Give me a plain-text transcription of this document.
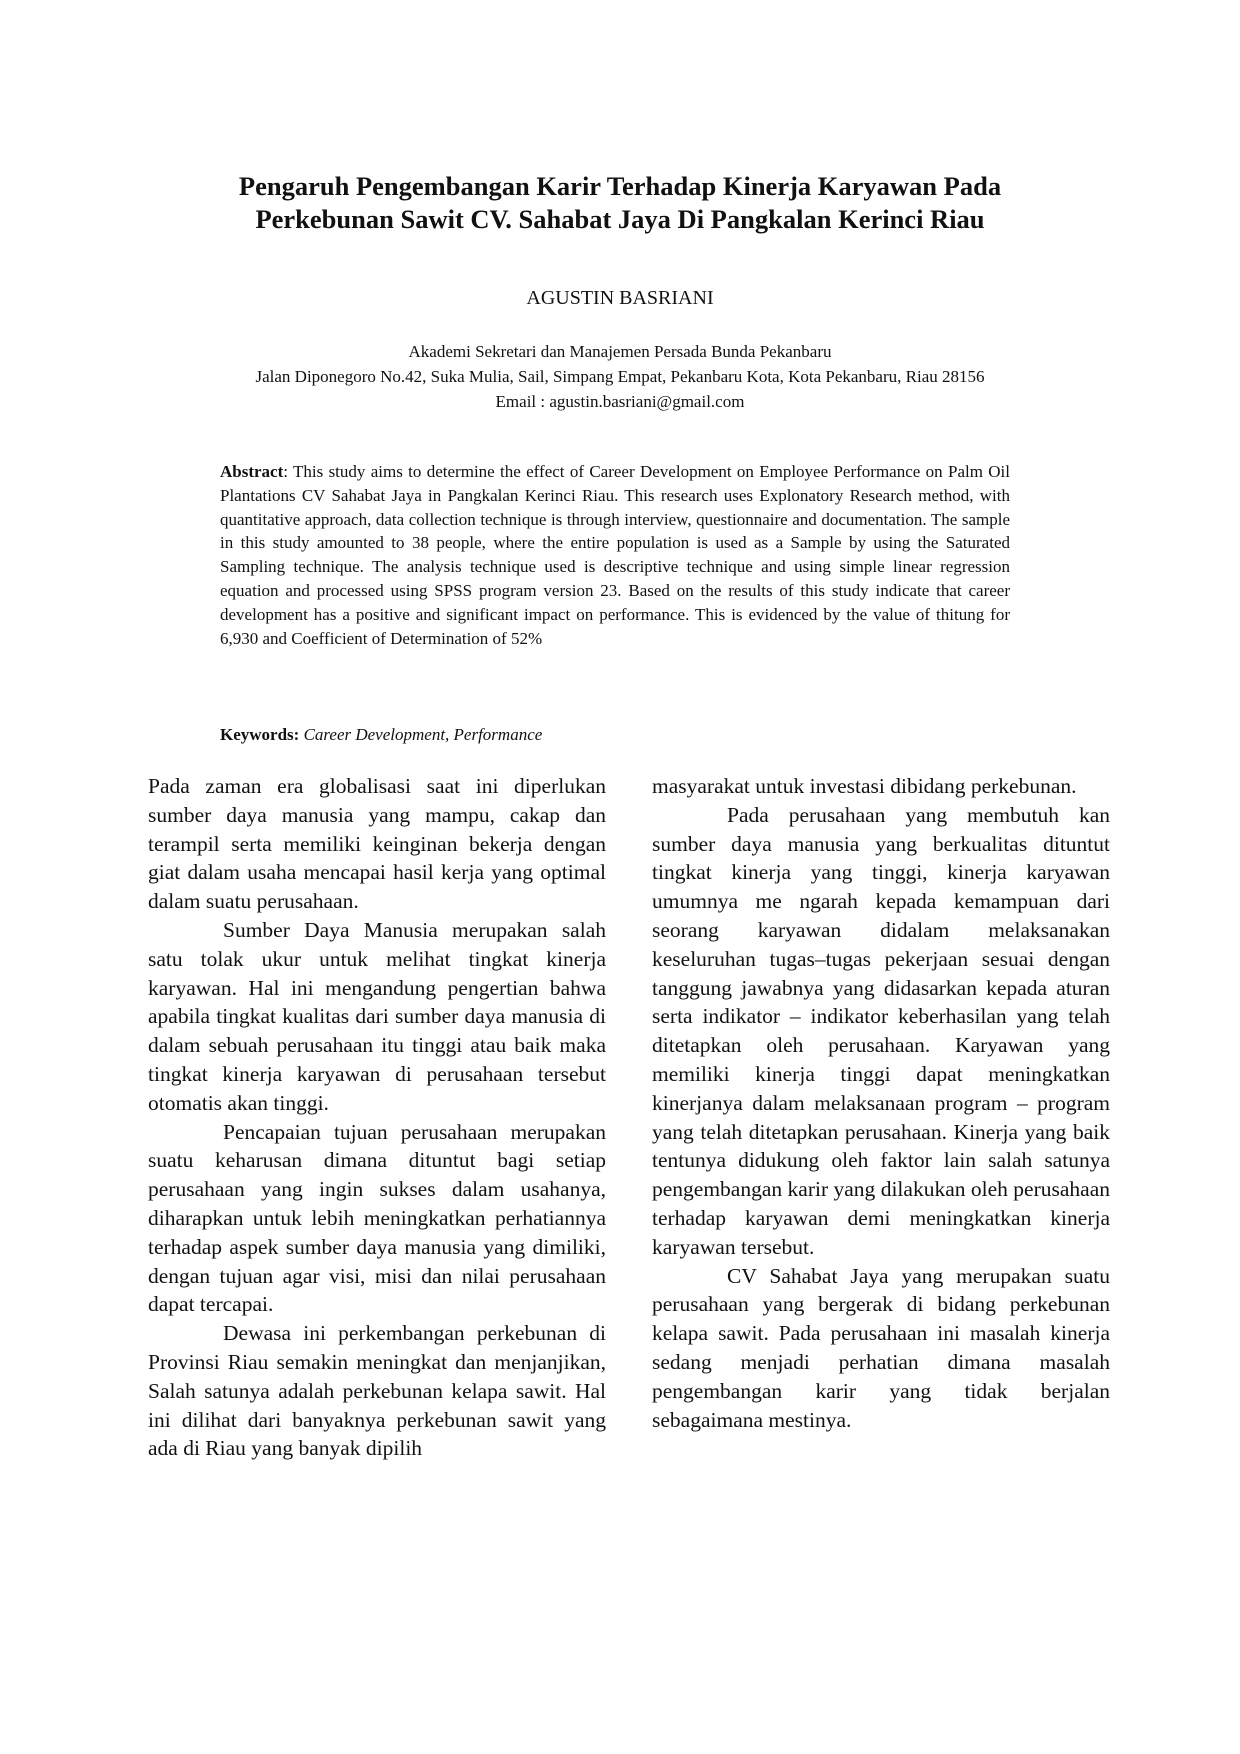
Pengaruh Pengembangan Karir Terhadap Kinerja Karyawan Pada
Perkebunan Sawit CV. Sahabat Jaya Di Pangkalan Kerinci Riau
AGUSTIN BASRIANI
Akademi Sekretari dan Manajemen Persada Bunda Pekanbaru
Jalan Diponegoro No.42, Suka Mulia, Sail, Simpang Empat, Pekanbaru Kota, Kota Pekanbaru, Riau 28156
Email : agustin.basriani@gmail.com
Abstract: This study aims to determine the effect of Career Development on Employee Performance on Palm Oil Plantations CV Sahabat Jaya in Pangkalan Kerinci Riau. This research uses Explonatory Research method, with quantitative approach, data collection technique is through interview, questionnaire and documentation. The sample in this study amounted to 38 people, where the entire population is used as a Sample by using the Saturated Sampling technique. The analysis technique used is descriptive technique and using simple linear regression equation and processed using SPSS program version 23. Based on the results of this study indicate that career development has a positive and significant impact on performance. This is evidenced by the value of thitung for 6,930 and Coefficient of Determination of 52%
Keywords: Career Development, Performance

Pada zaman era globalisasi saat ini diperlukan sumber daya manusia yang mampu, cakap dan terampil serta memiliki keinginan bekerja dengan giat dalam usaha mencapai hasil kerja yang optimal dalam suatu perusahaan.

Sumber Daya Manusia merupakan salah satu tolak ukur untuk melihat tingkat kinerja karyawan. Hal ini mengandung pengertian bahwa apabila tingkat kualitas dari sumber daya manusia di dalam sebuah perusahaan itu tinggi atau baik maka tingkat kinerja karyawan di perusahaan tersebut otomatis akan tinggi.

Pencapaian tujuan perusahaan merupakan suatu keharusan dimana dituntut bagi setiap perusahaan yang ingin sukses dalam usahanya, diharapkan untuk lebih meningkatkan perhatiannya terhadap aspek sumber daya manusia yang dimiliki, dengan tujuan agar visi, misi dan nilai perusahaan dapat tercapai.

Dewasa ini perkembangan perkebunan di Provinsi Riau semakin meningkat dan menjanjikan, Salah satunya adalah perkebunan kelapa sawit. Hal ini dilihat dari banyaknya perkebunan sawit yang ada di Riau yang banyak dipilih

masyarakat untuk investasi dibidang perkebunan.

Pada perusahaan yang membutuh kan sumber daya manusia yang berkualitas dituntut tingkat kinerja yang tinggi, kinerja karyawan umumnya me ngarah kepada kemampuan dari seorang karyawan didalam melaksanakan keseluruhan tugas–tugas pekerjaan sesuai dengan tanggung jawabnya yang didasarkan kepada aturan serta indikator – indikator keberhasilan yang telah ditetapkan oleh perusahaan. Karyawan yang memiliki kinerja tinggi dapat meningkatkan kinerjanya dalam melaksanaan program – program yang telah ditetapkan perusahaan. Kinerja yang baik tentunya didukung oleh faktor lain salah satunya pengembangan karir yang dilakukan oleh perusahaan terhadap karyawan demi meningkatkan kinerja karyawan tersebut.

CV Sahabat Jaya yang merupakan suatu perusahaan yang bergerak di bidang perkebunan kelapa sawit. Pada perusahaan ini masalah kinerja sedang menjadi perhatian dimana masalah pengembangan karir yang tidak berjalan sebagaimana mestinya.
